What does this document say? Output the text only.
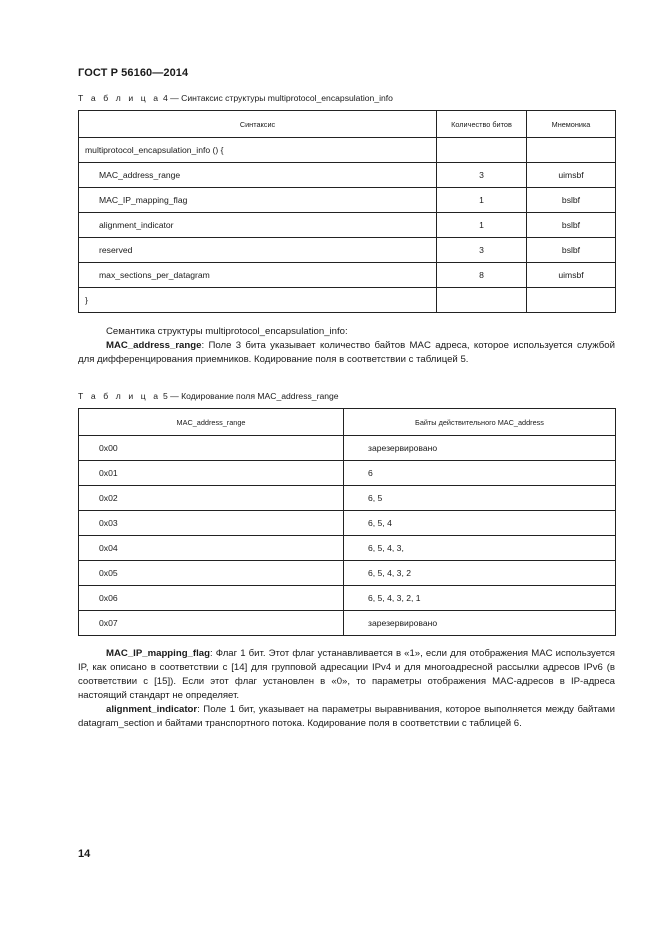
ГОСТ Р 56160—2014
Т а б л и ц а 4 — Синтаксис структуры multiprotocol_encapsulation_info
Синтаксис	Количество битов	Мнемоника
multiprotocol_encapsulation_info () {		
MAC_address_range	3	uimsbf
MAC_IP_mapping_flag	1	bslbf
alignment_indicator	1	bslbf
reserved	3	bslbf
max_sections_per_datagram	8	uimsbf
}		

Семантика структуры multiprotocol_encapsulation_info:

MAC_address_range: Поле 3 бита указывает количество байтов MAC адреса, которое используется службой для дифференцирования приемников. Кодирование поля в соответствии с таблицей 5.

Т а б л и ц а 5 — Кодирование поля MAC_address_range
MAC_address_range	Байты действительного MAC_address
0x00	зарезервировано
0x01	6
0x02	6, 5
0x03	6, 5, 4
0x04	6, 5, 4, 3,
0x05	6, 5, 4, 3, 2
0x06	6, 5, 4, 3, 2, 1
0x07	зарезервировано

MAC_IP_mapping_flag: Флаг 1 бит. Этот флаг устанавливается в «1», если для отображения MAC используется IP, как описано в соответствии с [14] для групповой адресации IPv4 и для многоадресной рассылки адресов IPv6 (в соответствии с [15]). Если этот флаг установлен в «0», то параметры отображения MAC-адресов в IP-адреса настоящий стандарт не определяет.

alignment_indicator: Поле 1 бит, указывает на параметры выравнивания, которое выполняется между байтами datagram_section и байтами транспортного потока. Кодирование поля в соответствии с таблицей 6.

14
